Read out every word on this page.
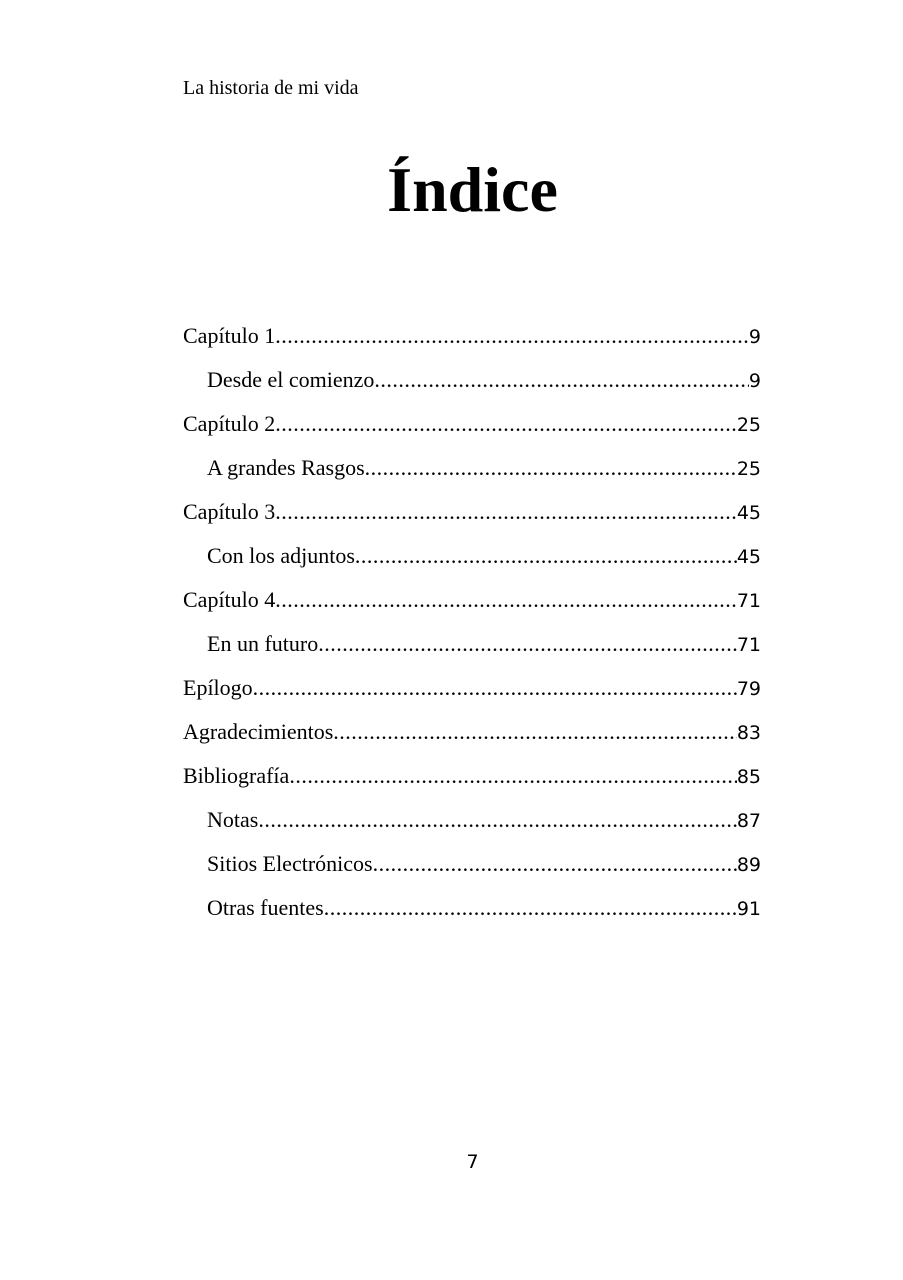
La historia de mi vida
Índice
Capítulo 1 .....	9
Desde el comienzo .....	9
Capítulo 2 .....	25
A grandes Rasgos .....	25
Capítulo 3 .....	45
Con los adjuntos .....	45
Capítulo 4 .....	71
En un futuro .....	71
Epílogo .....	79
Agradecimientos .....	83
Bibliografía .....	85
Notas .....	87
Sitios Electrónicos .....	89
Otras fuentes .....	91
7
